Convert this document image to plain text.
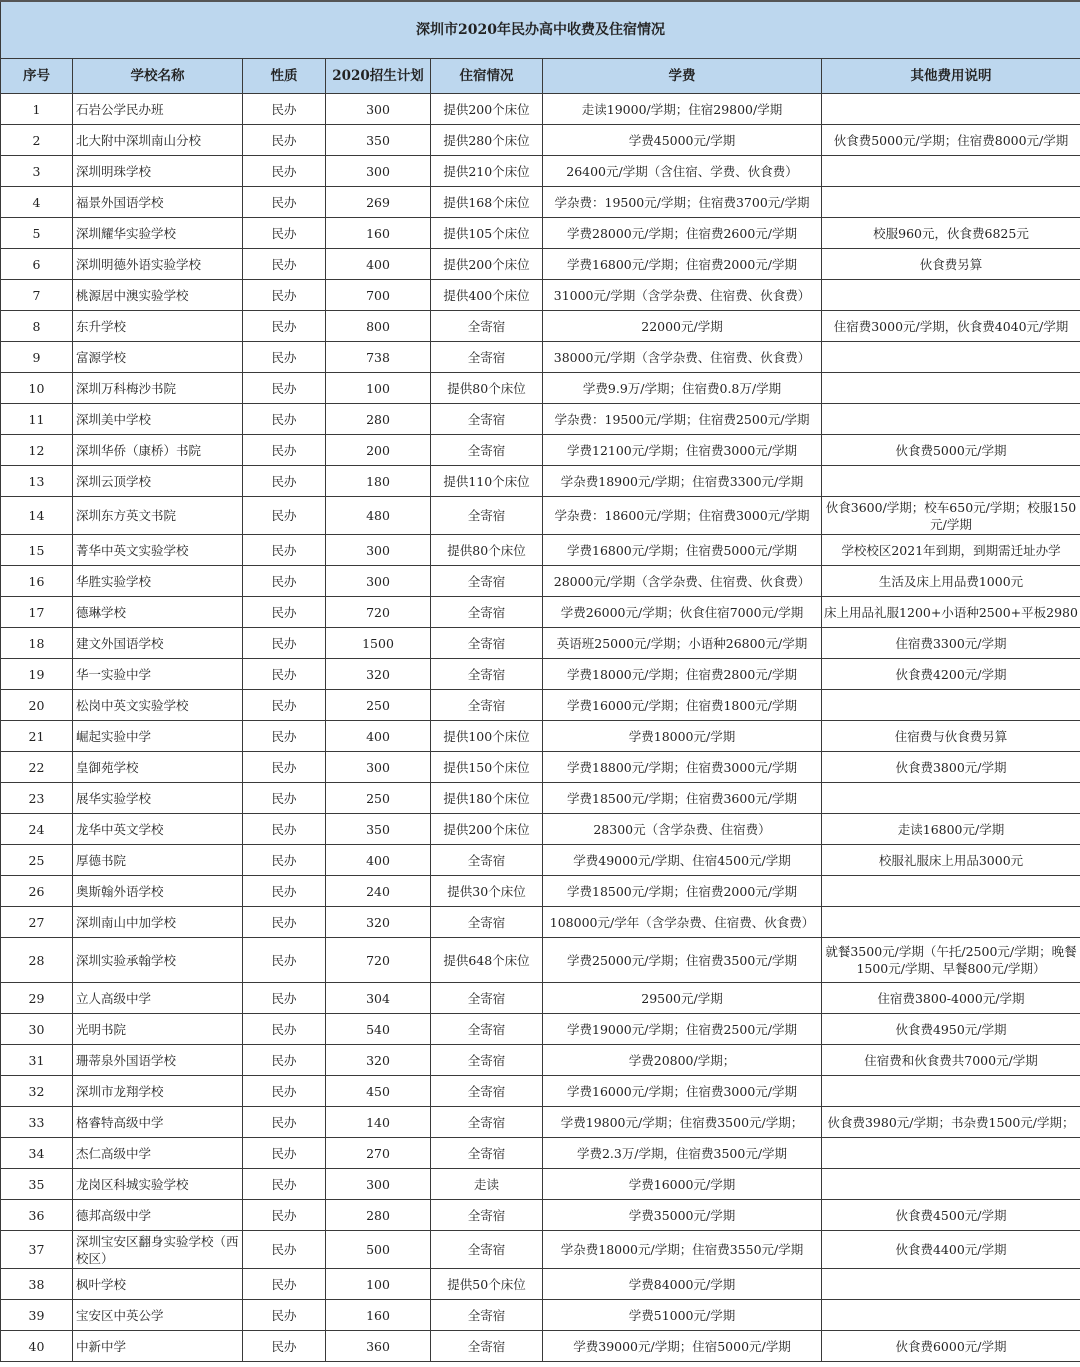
深圳市2020年民办高中收费及住宿情况						
序号	学校名称	性质	2020招生计划	住宿情况	学费	其他费用说明
1	石岩公学民办班	民办	300	提供200个床位	走读19000/学期；住宿29800/学期	
2	北大附中深圳南山分校	民办	350	提供280个床位	学费45000元/学期	伙食费5000元/学期；住宿费8000元/学期
3	深圳明珠学校	民办	300	提供210个床位	26400元/学期（含住宿、学费、伙食费）	
4	福景外国语学校	民办	269	提供168个床位	学杂费：19500元/学期；住宿费3700元/学期	
5	深圳耀华实验学校	民办	160	提供105个床位	学费28000元/学期；住宿费2600元/学期	校服960元，伙食费6825元
6	深圳明德外语实验学校	民办	400	提供200个床位	学费16800元/学期；住宿费2000元/学期	伙食费另算
7	桃源居中澳实验学校	民办	700	提供400个床位	31000元/学期（含学杂费、住宿费、伙食费）	
8	东升学校	民办	800	全寄宿	22000元/学期	住宿费3000元/学期，伙食费4040元/学期
9	富源学校	民办	738	全寄宿	38000元/学期（含学杂费、住宿费、伙食费）	
10	深圳万科梅沙书院	民办	100	提供80个床位	学费9.9万/学期；住宿费0.8万/学期	
11	深圳美中学校	民办	280	全寄宿	学杂费：19500元/学期；住宿费2500元/学期	
12	深圳华侨（康桥）书院	民办	200	全寄宿	学费12100元/学期；住宿费3000元/学期	伙食费5000元/学期
13	深圳云顶学校	民办	180	提供110个床位	学杂费18900元/学期；住宿费3300元/学期	
14	深圳东方英文书院	民办	480	全寄宿	学杂费：18600元/学期；住宿费3000元/学期	伙食3600/学期；校车650元/学期；校服150元/学期
15	菁华中英文实验学校	民办	300	提供80个床位	学费16800元/学期；住宿费5000元/学期	学校校区2021年到期，到期需迁址办学
16	华胜实验学校	民办	300	全寄宿	28000元/学期（含学杂费、住宿费、伙食费）	生活及床上用品费1000元
17	德琳学校	民办	720	全寄宿	学费26000元/学期；伙食住宿7000元/学期	床上用品礼服1200+小语种2500+平板2980
18	建文外国语学校	民办	1500	全寄宿	英语班25000元/学期；小语种26800元/学期	住宿费3300元/学期
19	华一实验中学	民办	320	全寄宿	学费18000元/学期；住宿费2800元/学期	伙食费4200元/学期
20	松岗中英文实验学校	民办	250	全寄宿	学费16000元/学期；住宿费1800元/学期	
21	崛起实验中学	民办	400	提供100个床位	学费18000元/学期	住宿费与伙食费另算
22	皇御苑学校	民办	300	提供150个床位	学费18800元/学期；住宿费3000元/学期	伙食费3800元/学期
23	展华实验学校	民办	250	提供180个床位	学费18500元/学期；住宿费3600元/学期	
24	龙华中英文学校	民办	350	提供200个床位	28300元（含学杂费、住宿费）	走读16800元/学期
25	厚德书院	民办	400	全寄宿	学费49000元/学期、住宿4500元/学期	校服礼服床上用品3000元
26	奥斯翰外语学校	民办	240	提供30个床位	学费18500元/学期；住宿费2000元/学期	
27	深圳南山中加学校	民办	320	全寄宿	108000元/学年（含学杂费、住宿费、伙食费）	
28	深圳实验承翰学校	民办	720	提供648个床位	学费25000元/学期；住宿费3500元/学期	就餐3500元/学期（午托/2500元/学期；晚餐1500元/学期、早餐800元/学期）
29	立人高级中学	民办	304	全寄宿	29500元/学期	住宿费3800-4000元/学期
30	光明书院	民办	540	全寄宿	学费19000元/学期；住宿费2500元/学期	伙食费4950元/学期
31	珊蒂泉外国语学校	民办	320	全寄宿	学费20800/学期；	住宿费和伙食费共7000元/学期
32	深圳市龙翔学校	民办	450	全寄宿	学费16000元/学期；住宿费3000元/学期	
33	格睿特高级中学	民办	140	全寄宿	学费19800元/学期；住宿费3500元/学期；	伙食费3980元/学期；书杂费1500元/学期；
34	杰仁高级中学	民办	270	全寄宿	学费2.3万/学期，住宿费3500元/学期	
35	龙岗区科城实验学校	民办	300	走读	学费16000元/学期	
36	德邦高级中学	民办	280	全寄宿	学费35000元/学期	伙食费4500元/学期
37	深圳宝安区翻身实验学校（西校区）	民办	500	全寄宿	学杂费18000元/学期；住宿费3550元/学期	伙食费4400元/学期
38	枫叶学校	民办	100	提供50个床位	学费84000元/学期	
39	宝安区中英公学	民办	160	全寄宿	学费51000元/学期	
40	中新中学	民办	360	全寄宿	学费39000元/学期；住宿5000元/学期	伙食费6000元/学期
